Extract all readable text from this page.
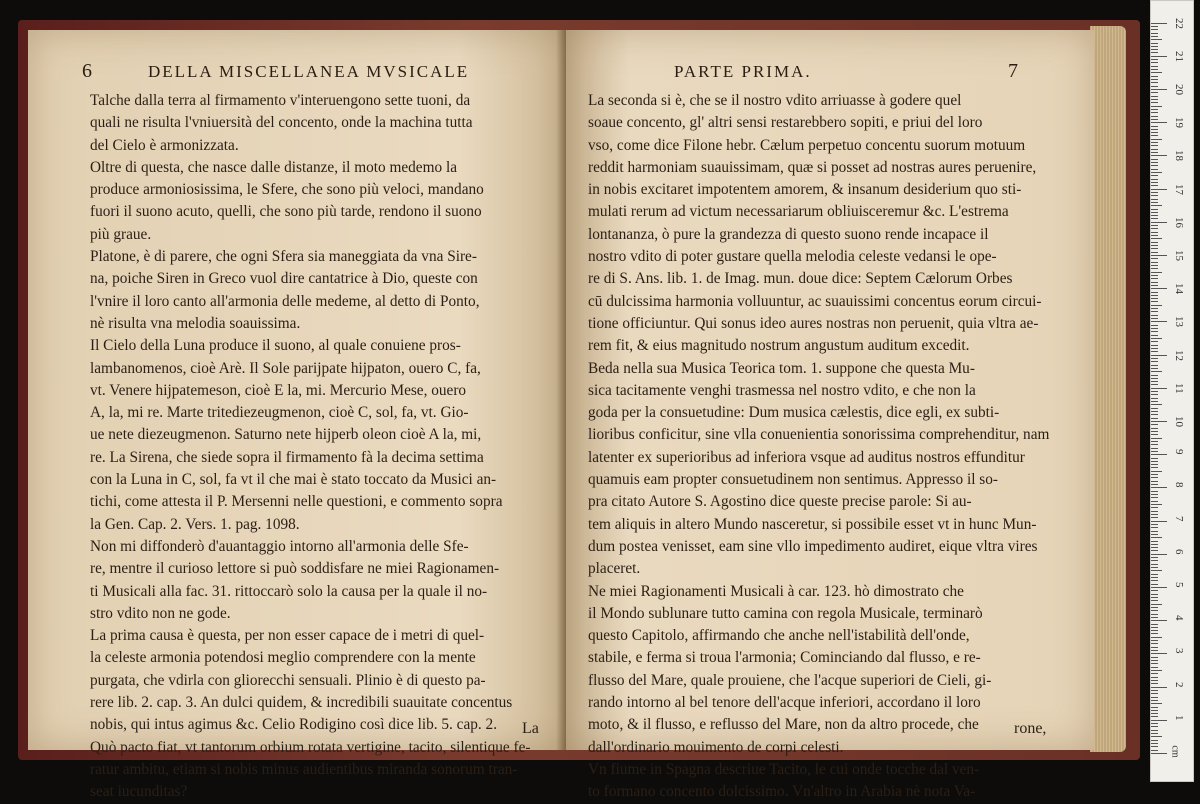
6	DELLA MISCELLANEA MVSICALE
Talche dalla terra al firmamento v'interuengono sette tuoni, da
quali ne risulta l'vniuersità del concento, onde la machina tutta
del Cielo è armonizzata.
Oltre di questa, che nasce dalle distanze, il moto medemo la
produce armoniosissima, le Sfere, che sono più veloci, mandano
fuori il suono acuto, quelli, che sono più tarde, rendono il suono
più graue.
Platone, è di parere, che ogni Sfera sia maneggiata da vna Sire-
na, poiche Siren in Greco vuol dire cantatrice à Dio, queste con
l'vnire il loro canto all'armonia delle medeme, al detto di Ponto,
nè risulta vna melodia soauissima.
Il Cielo della Luna produce il suono, al quale conuiene pros-
lambanomenos, cioè Arè. Il Sole parijpate hijpaton, ouero C, fa,
vt. Venere hijpatemeson, cioè E la, mi. Mercurio Mese, ouero
A, la, mi re. Marte tritediezeugmenon, cioè C, sol, fa, vt. Gio-
ue nete diezeugmenon. Saturno nete hijperb oleon cioè A la, mi,
re. La Sirena, che siede sopra il firmamento fà la decima settima
con la Luna in C, sol, fa vt il che mai è stato toccato da Musici an-
tichi, come attesta il P. Mersenni nelle questioni, e commento sopra
la Gen. Cap. 2. Vers. 1. pag. 1098.
Non mi diffonderò d'auantaggio intorno all'armonia delle Sfe-
re, mentre il curioso lettore si può soddisfare ne miei Ragionamen-
ti Musicali alla fac. 31. rittoccarò solo la causa per la quale il no-
stro vdito non ne gode.
La prima causa è questa, per non esser capace de i metri di quel-
la celeste armonia potendosi meglio comprendere con la mente
purgata, che vdirla con gliorecchi sensuali. Plinio è di questo pa-
rere lib. 2. cap. 3. An dulci quidem, & incredibili suauitate concentus
nobis, qui intus agimus &c. Celio Rodigino così dice lib. 5. cap. 2.
Quò pacto fiat, vt tantorum orbium rotata vertigine, tacito, silentique fe-
ratur ambitu, etiam si nobis minus audientibus miranda sonorum tran-
seat iucunditas?
La
PARTE PRIMA.	7
La seconda si è, che se il nostro vdito arriuasse à godere quel
soaue concento, gl' altri sensi restarebbero sopiti, e priui del loro
vso, come dice Filone hebr. Cælum perpetuo concentu suorum motuum
reddit harmoniam suauissimam, quæ si posset ad nostras aures peruenire,
in nobis excitaret impotentem amorem, & insanum desiderium quo sti-
mulati rerum ad victum necessariarum obliuisceremur &c. L'estrema
lontananza, ò pure la grandezza di questo suono rende incapace il
nostro vdito di poter gustare quella melodia celeste vedansi le ope-
re di S. Ans. lib. 1. de Imag. mun. doue dice: Septem Cælorum Orbes
cū dulcissima harmonia volluuntur, ac suauissimi concentus eorum circui-
tione officiuntur. Qui sonus ideo aures nostras non peruenit, quia vltra ae-
rem fit, & eius magnitudo nostrum angustum auditum excedit.
Beda nella sua Musica Teorica tom. 1. suppone che questa Mu-
sica tacitamente venghi trasmessa nel nostro vdito, e che non la
goda per la consuetudine: Dum musica cælestis, dice egli, ex subti-
lioribus conficitur, sine vlla conuenientia sonorissima comprehenditur, nam
latenter ex superioribus ad inferiora vsque ad auditus nostros effunditur
quamuis eam propter consuetudinem non sentimus. Appresso il so-
pra citato Autore S. Agostino dice queste precise parole: Si au-
tem aliquis in altero Mundo nasceretur, si possibile esset vt in hunc Mun-
dum postea venisset, eam sine vllo impedimento audiret, eique vltra vires
placeret.
Ne miei Ragionamenti Musicali à car. 123. hò dimostrato che
il Mondo sublunare tutto camina con regola Musicale, terminarò
questo Capitolo, affirmando che anche nell'istabilità dell'onde,
stabile, e ferma si troua l'armonia; Cominciando dal flusso, e re-
flusso del Mare, quale prouiene, che l'acque superiori de Cieli, gi-
rando intorno al bel tenore dell'acque inferiori, accordano il loro
moto, & il flusso, e reflusso del Mare, non da altro procede, che
dall'ordinario mouimento de corpi celesti.
Vn fiume in Spagna descriue Tacito, le cui onde tocche dal ven-
to formano concento dolcissimo. Vn'altro in Arabia nè nota Va-
rone,
cm
1
2
3
4
5
6
7
8
9
10
11
12
13
14
15
16
17
18
19
20
21
22
